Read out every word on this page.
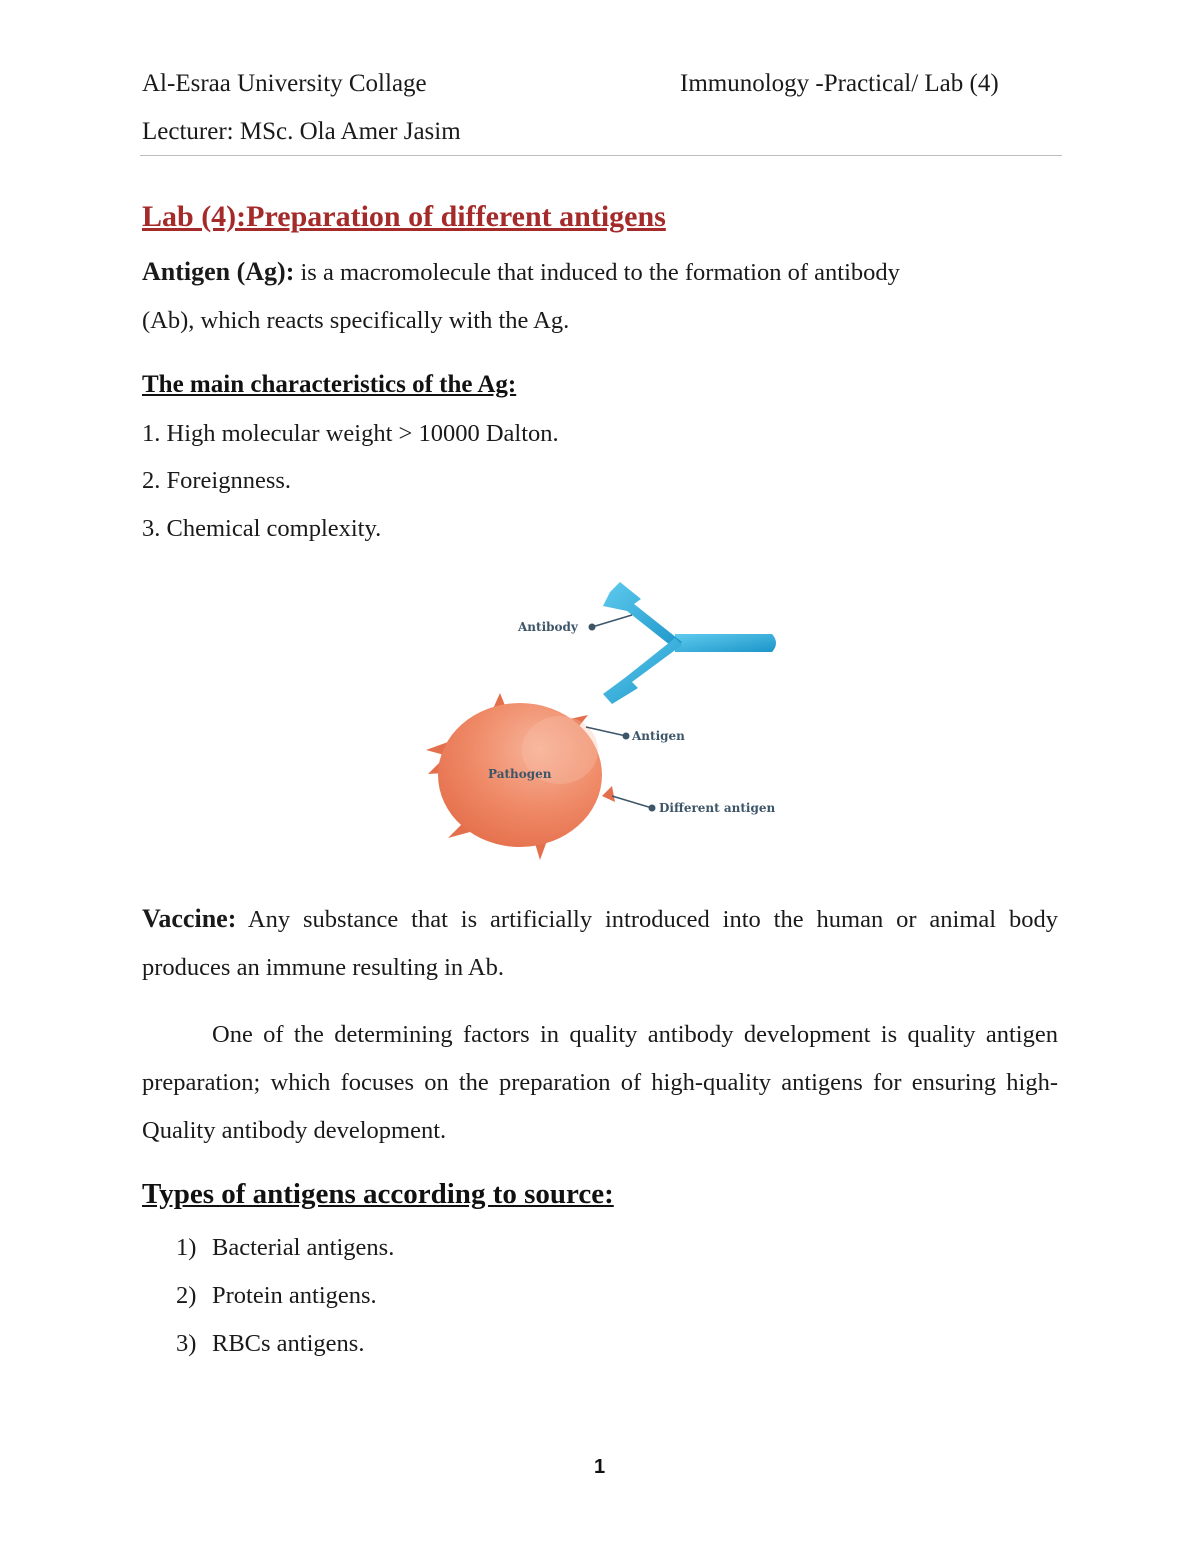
Al-Esraa University Collage	Immunology -Practical/ Lab (4)
Lecturer: MSc. Ola Amer Jasim
Lab (4):Preparation of different antigens
Antigen (Ag): is a macromolecule that induced to the formation of antibody
(Ab), which reacts specifically with the Ag.
The main characteristics of the Ag:
1. High molecular weight > 10000 Dalton.
2. Foreignness.
3. Chemical complexity.
Antibody
Pathogen
Antigen
Different antigen
Vaccine: Any substance that is artificially introduced into the human or animal body produces an immune resulting in Ab.
One of the determining factors in quality antibody development is quality antigen preparation; which focuses on the preparation of high-quality antigens for ensuring high-Quality antibody development.
Types of antigens according to source:
1) Bacterial antigens.
2) Protein antigens.
3) RBCs antigens.
1
